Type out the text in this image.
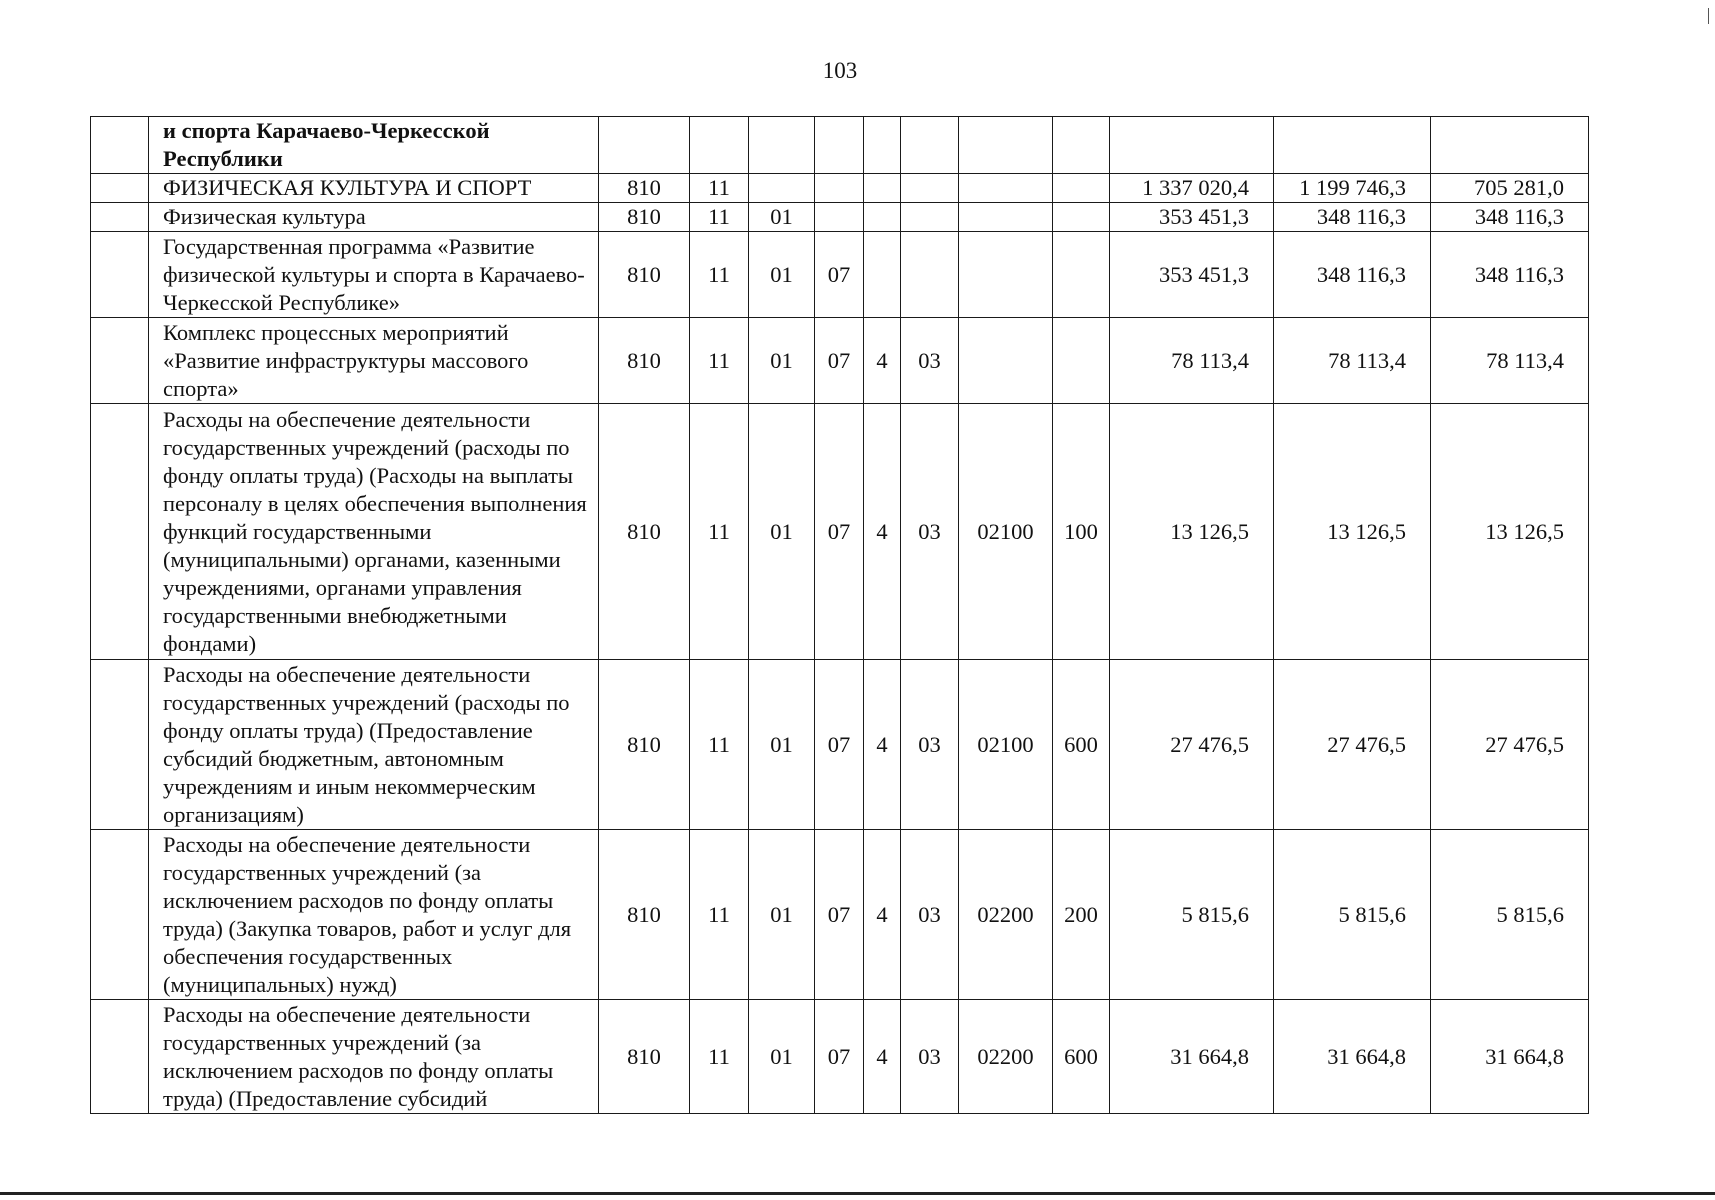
103
	и спорта Карачаево-Черкесской Республики											
	ФИЗИЧЕСКАЯ КУЛЬТУРА И СПОРТ	810	11							1 337 020,4	1 199 746,3	705 281,0
	Физическая культура	810	11	01						353 451,3	348 116,3	348 116,3
	Государственная программа «Развитие физической культуры и спорта в Карачаево-Черкесской Республике»	810	11	01	07					353 451,3	348 116,3	348 116,3
	Комплекс процессных мероприятий «Развитие инфраструктуры массового спорта»	810	11	01	07	4	03			78 113,4	78 113,4	78 113,4
	Расходы на обеспечение деятельности государственных учреждений (расходы по фонду оплаты труда) (Расходы на выплаты персоналу в целях обеспечения выполнения функций государственными (муниципальными) органами, казенными учреждениями, органами управления государственными внебюджетными фондами)	810	11	01	07	4	03	02100	100	13 126,5	13 126,5	13 126,5
	Расходы на обеспечение деятельности государственных учреждений (расходы по фонду оплаты труда) (Предоставление субсидий бюджетным, автономным учреждениям и иным некоммерческим организациям)	810	11	01	07	4	03	02100	600	27 476,5	27 476,5	27 476,5
	Расходы на обеспечение деятельности государственных учреждений (за исключением расходов по фонду оплаты труда) (Закупка товаров, работ и услуг для обеспечения государственных (муниципальных) нужд)	810	11	01	07	4	03	02200	200	5 815,6	5 815,6	5 815,6
	Расходы на обеспечение деятельности государственных учреждений (за исключением расходов по фонду оплаты труда) (Предоставление субсидий	810	11	01	07	4	03	02200	600	31 664,8	31 664,8	31 664,8
